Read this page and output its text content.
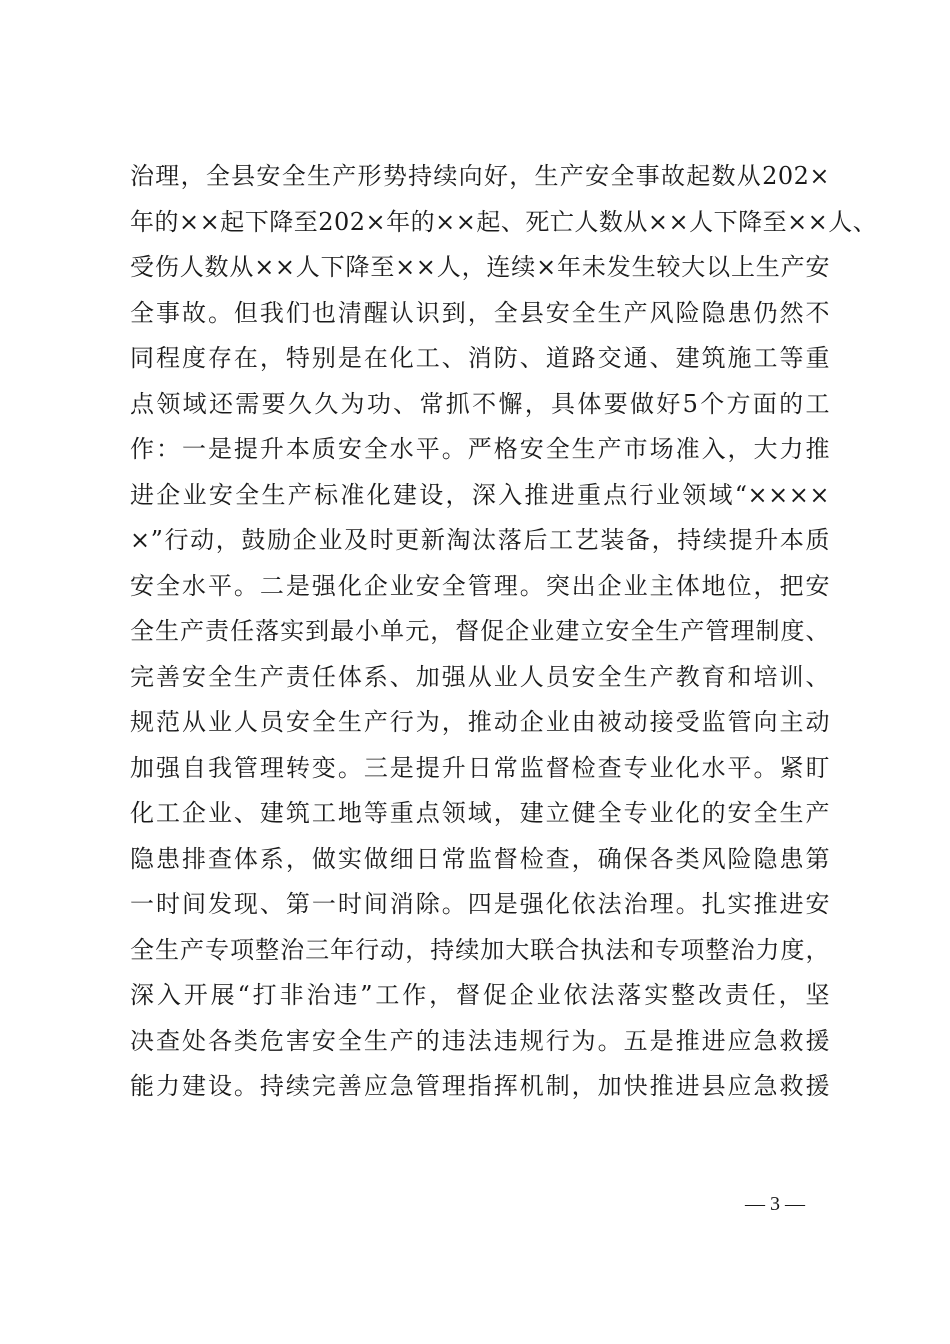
治理，全县安全生产形势持续向好，生产安全事故起数从202×
年的××起下降至202×年的××起、死亡人数从××人下降至××人、
受伤人数从××人下降至××人，连续×年未发生较大以上生产安
全事故。但我们也清醒认识到，全县安全生产风险隐患仍然不
同程度存在，特别是在化工、消防、道路交通、建筑施工等重
点领域还需要久久为功、常抓不懈，具体要做好5个方面的工
作：一是提升本质安全水平。严格安全生产市场准入，大力推
进企业安全生产标准化建设，深入推进重点行业领域“××××
×”行动，鼓励企业及时更新淘汰落后工艺装备，持续提升本质
安全水平。二是强化企业安全管理。突出企业主体地位，把安
全生产责任落实到最小单元，督促企业建立安全生产管理制度、
完善安全生产责任体系、加强从业人员安全生产教育和培训、
规范从业人员安全生产行为，推动企业由被动接受监管向主动
加强自我管理转变。三是提升日常监督检查专业化水平。紧盯
化工企业、建筑工地等重点领域，建立健全专业化的安全生产
隐患排查体系，做实做细日常监督检查，确保各类风险隐患第
一时间发现、第一时间消除。四是强化依法治理。扎实推进安
全生产专项整治三年行动，持续加大联合执法和专项整治力度，
深入开展“打非治违”工作，督促企业依法落实整改责任，坚
决查处各类危害安全生产的违法违规行为。五是推进应急救援
能力建设。持续完善应急管理指挥机制，加快推进县应急救援
— 3 —
